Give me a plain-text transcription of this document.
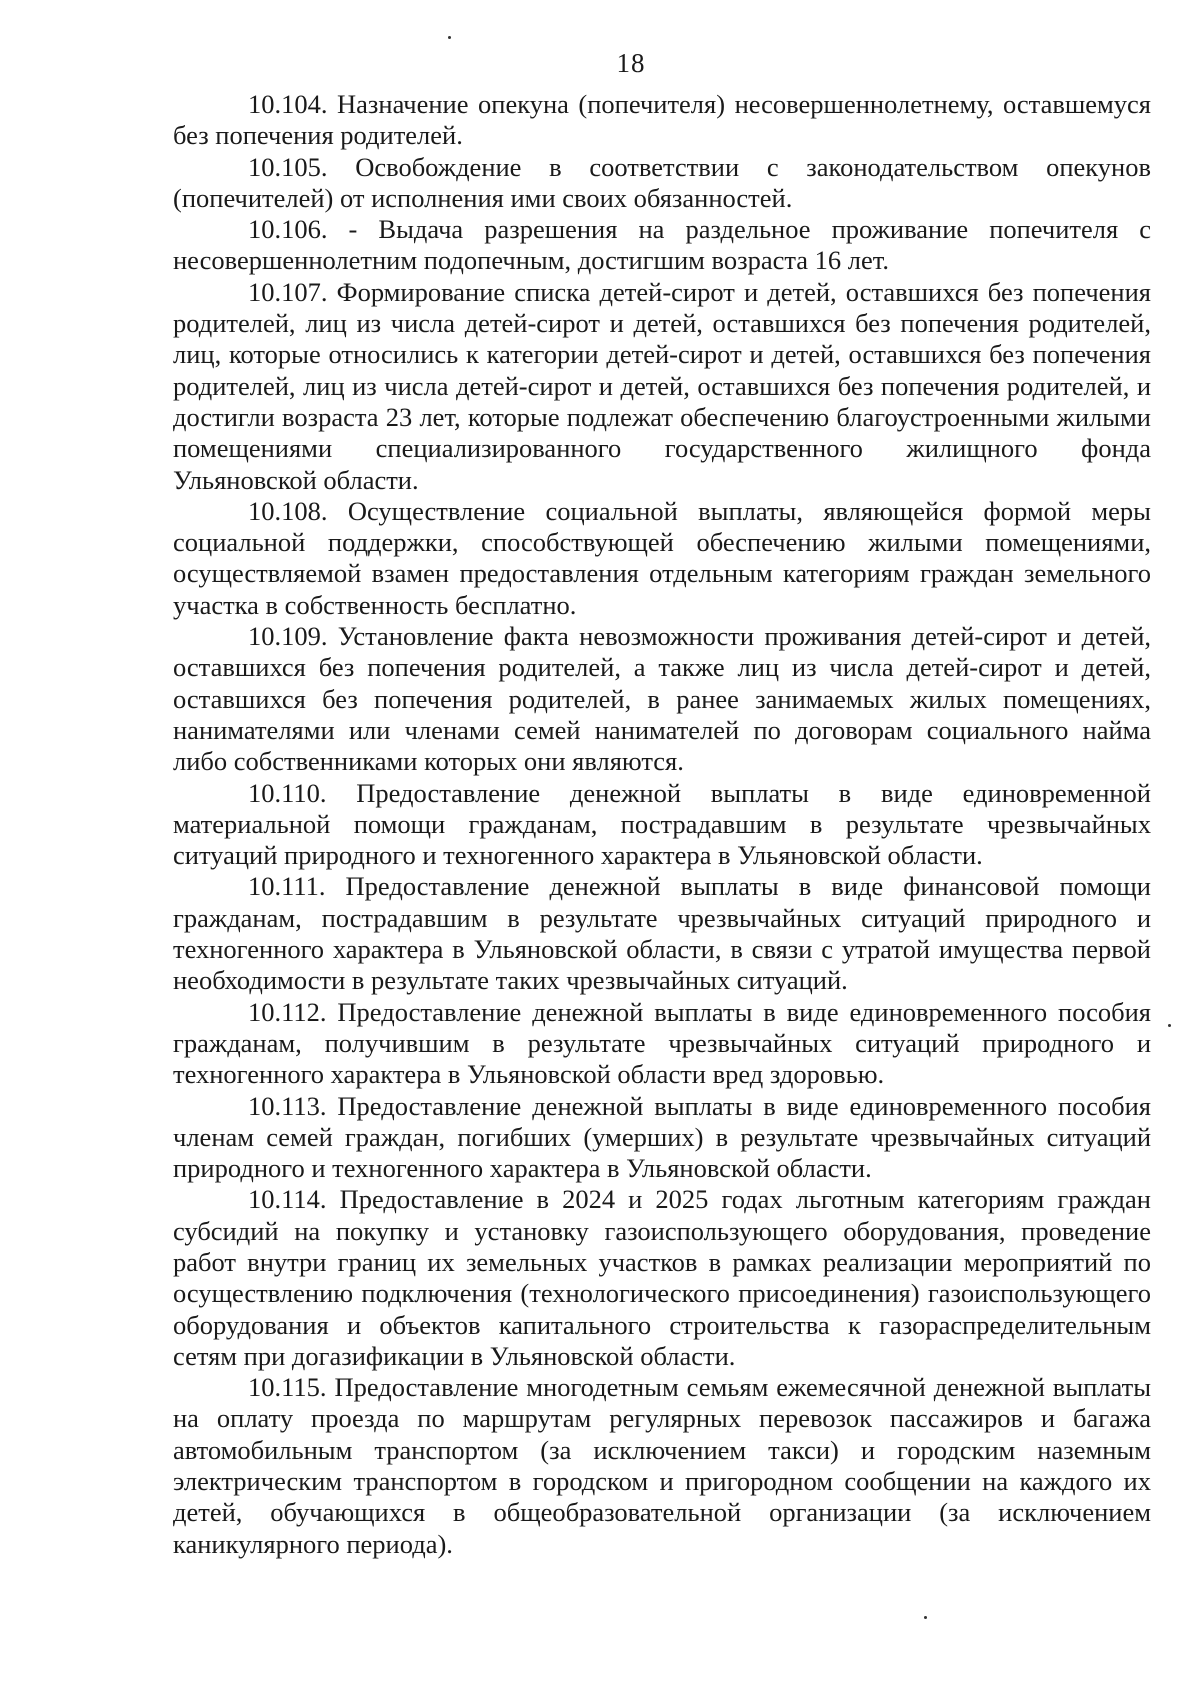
18

10.104. Назначение опекуна (попечителя) несовершеннолетнему, оставшемуся без попечения родителей.

10.105. Освобождение в соответствии с законодательством опекунов (попечителей) от исполнения ими своих обязанностей.

10.106. - Выдача разрешения на раздельное проживание попечителя с несовершеннолетним подопечным, достигшим возраста 16 лет.

10.107. Формирование списка детей-сирот и детей, оставшихся без попечения родителей, лиц из числа детей-сирот и детей, оставшихся без попечения родителей, лиц, которые относились к категории детей-сирот и детей, оставшихся без попечения родителей, лиц из числа детей-сирот и детей, оставшихся без попечения родителей, и достигли возраста 23 лет, которые подлежат обеспечению благоустроенными жилыми помещениями специализированного государственного жилищного фонда Ульяновской области.

10.108. Осуществление социальной выплаты, являющейся формой меры социальной поддержки, способствующей обеспечению жилыми помещениями, осуществляемой взамен предоставления отдельным категориям граждан земельного участка в собственность бесплатно.

10.109. Установление факта невозможности проживания детей-сирот и детей, оставшихся без попечения родителей, а также лиц из числа детей-сирот и детей, оставшихся без попечения родителей, в ранее занимаемых жилых помещениях, нанимателями или членами семей нанимателей по договорам социального найма либо собственниками которых они являются.

10.110. Предоставление денежной выплаты в виде единовременной материальной помощи гражданам, пострадавшим в результате чрезвычайных ситуаций природного и техногенного характера в Ульяновской области.

10.111. Предоставление денежной выплаты в виде финансовой помощи гражданам, пострадавшим в результате чрезвычайных ситуаций природного и техногенного характера в Ульяновской области, в связи с утратой имущества первой необходимости в результате таких чрезвычайных ситуаций.

10.112. Предоставление денежной выплаты в виде единовременного пособия гражданам, получившим в результате чрезвычайных ситуаций природного и техногенного характера в Ульяновской области вред здоровью.

10.113. Предоставление денежной выплаты в виде единовременного пособия членам семей граждан, погибших (умерших) в результате чрезвычайных ситуаций природного и техногенного характера в Ульяновской области.

10.114. Предоставление в 2024 и 2025 годах льготным категориям граждан субсидий на покупку и установку газоиспользующего оборудования, проведение работ внутри границ их земельных участков в рамках реализации мероприятий по осуществлению подключения (технологического присоединения) газоиспользующего оборудования и объектов капитального строительства к газораспределительным сетям при догазификации в Ульяновской области.

10.115. Предоставление многодетным семьям ежемесячной денежной выплаты на оплату проезда по маршрутам регулярных перевозок пассажиров и багажа автомобильным транспортом (за исключением такси) и городским наземным электрическим транспортом в городском и пригородном сообщении на каждого их детей, обучающихся в общеобразовательной организации (за исключением каникулярного периода).
